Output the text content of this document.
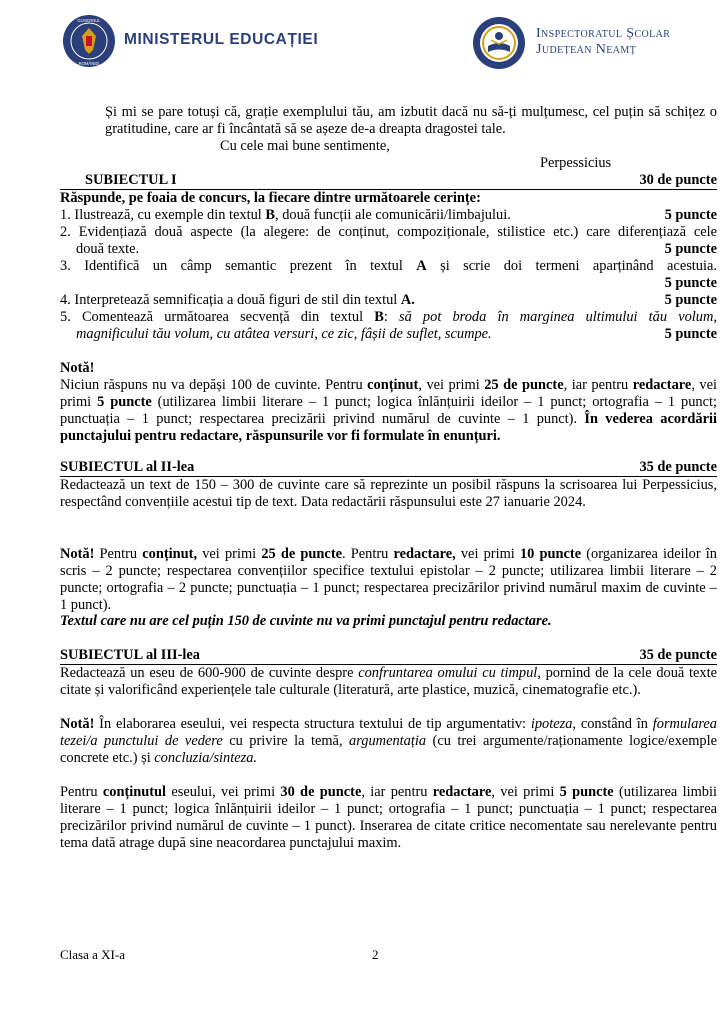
GUVERNUL
ROMÂNIEI
MINISTERUL EDUCAȚIEI	Inspectoratul Școlar
Județean Neamț
Și mi se pare totuși că, grație exemplului tău, am izbutit dacă nu să-ți mulțumesc, cel puțin să schițez o gratitudine, care ar fi încântată să se așeze de-a dreapta dragostei tale.
Cu cele mai bune sentimente,
Perpessicius
SUBIECTUL I	30 de puncte
Răspunde, pe foaia de concurs, la fiecare dintre următoarele cerințe:
1. Ilustrează, cu exemple din textul B, două funcții ale comunicării/limbajului.	5 puncte
2. Evidențiază două aspecte (la alegere: de conținut, compoziționale, stilistice etc.) care diferențiază cele
două texte.	5 puncte
3. Identifică un câmp semantic prezent în textul A și scrie doi termeni aparținând acestuia.
5 puncte
4. Interpretează semnificația a două figuri de stil din textul A.	5 puncte
5. Comentează următoarea secvență din textul B: să pot broda în marginea ultimului tău volum,
magnificului tău volum, cu atâtea versuri, ce zic, fâșii de suflet, scumpe.	5 puncte
Notă!
Niciun răspuns nu va depăși 100 de cuvinte. Pentru conținut, vei primi 25 de puncte, iar pentru redactare, vei primi 5 puncte (utilizarea limbii literare – 1 punct; logica înlănțuirii ideilor – 1 punct; ortografia – 1 punct; punctuația – 1 punct; respectarea precizării privind numărul de cuvinte – 1 punct). În vederea acordării punctajului pentru redactare, răspunsurile vor fi formulate în enunțuri.
SUBIECTUL al II-lea	35 de puncte
Redactează un text de 150 – 300 de cuvinte care să reprezinte un posibil răspuns la scrisoarea lui Perpessicius, respectând convențiile acestui tip de text. Data redactării răspunsului este 27 ianuarie 2024.
Notă! Pentru conținut, vei primi 25 de puncte. Pentru redactare, vei primi 10 puncte (organizarea ideilor în scris – 2 puncte; respectarea convențiilor specifice textului epistolar – 2 puncte; utilizarea limbii literare – 2 puncte; ortografia – 2 puncte; punctuația – 1 punct; respectarea precizărilor privind numărul maxim de cuvinte – 1 punct).
Textul care nu are cel puțin 150 de cuvinte nu va primi punctajul pentru redactare.
SUBIECTUL al III-lea	35 de puncte
Redactează un eseu de 600-900 de cuvinte despre confruntarea omului cu timpul, pornind de la cele două texte citate și valorificând experiențele tale culturale (literatură, arte plastice, muzică, cinematografie etc.).
Notă! În elaborarea eseului, vei respecta structura textului de tip argumentativ: ipoteza, constând în formularea tezei/a punctului de vedere cu privire la temă, argumentația (cu trei argumente/raționamente logice/exemple concrete etc.) și concluzia/sinteza.
Pentru conținutul eseului, vei primi 30 de puncte, iar pentru redactare, vei primi 5 puncte (utilizarea limbii literare – 1 punct; logica înlănțuirii ideilor – 1 punct; ortografia – 1 punct; punctuația – 1 punct; respectarea precizărilor privind numărul de cuvinte – 1 punct). Inserarea de citate critice necomentate sau nerelevante pentru tema dată atrage după sine neacordarea punctajului maxim.
Clasa a XI-a	2
